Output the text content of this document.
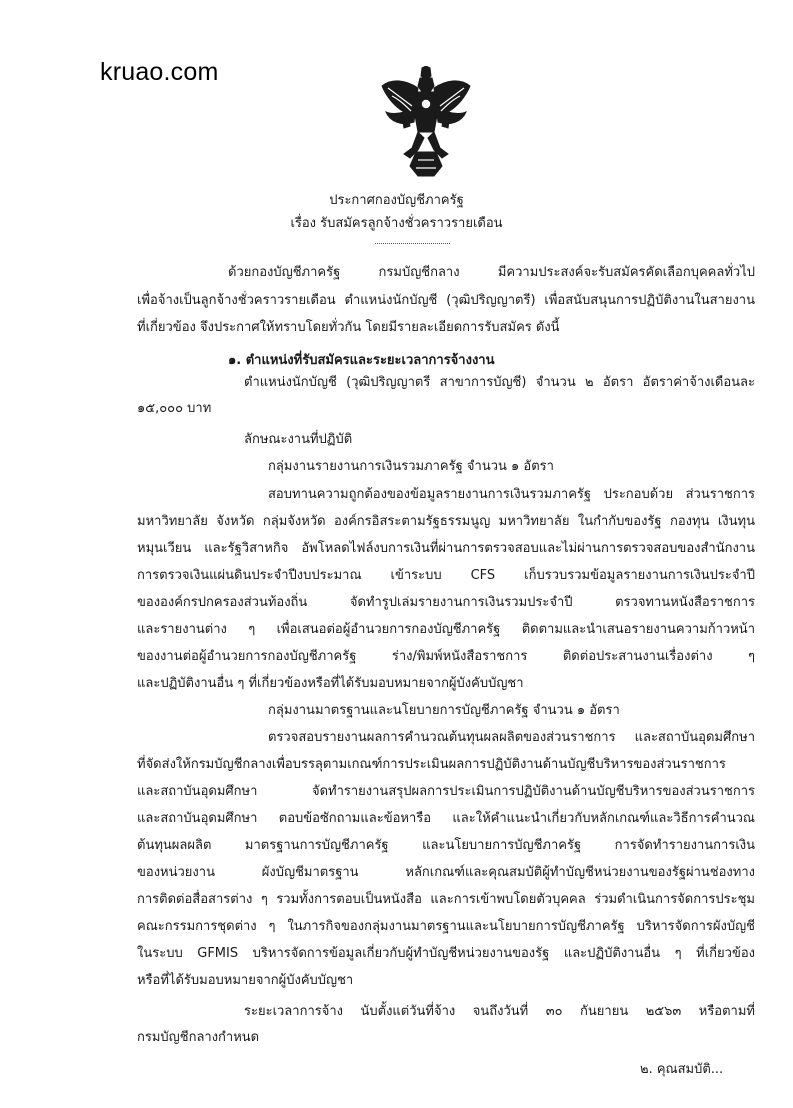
kruao.com
ประกาศกองบัญชีภาครัฐ
เรื่อง รับสมัครลูกจ้างชั่วคราวรายเดือน
ด้วยกองบัญชีภาครัฐ กรมบัญชีกลาง มีความประสงค์จะรับสมัครคัดเลือกบุคคลทั่วไป
เพื่อจ้างเป็นลูกจ้างชั่วคราวรายเดือน ตำแหน่งนักบัญชี (วุฒิปริญญาตรี) เพื่อสนับสนุนการปฏิบัติงานในสายงาน
ที่เกี่ยวข้อง จึงประกาศให้ทราบโดยทั่วกัน โดยมีรายละเอียดการรับสมัคร ดังนี้
๑. ตำแหน่งที่รับสมัครและระยะเวลาการจ้างงาน
ตำแหน่งนักบัญชี (วุฒิปริญญาตรี สาขาการบัญชี) จำนวน ๒ อัตรา อัตราค่าจ้างเดือนละ
๑๕,๐๐๐ บาท
ลักษณะงานที่ปฏิบัติ
กลุ่มงานรายงานการเงินรวมภาครัฐ จำนวน ๑ อัตรา
สอบทานความถูกต้องของข้อมูลรายงานการเงินรวมภาครัฐ ประกอบด้วย ส่วนราชการ
มหาวิทยาลัย จังหวัด กลุ่มจังหวัด องค์กรอิสระตามรัฐธรรมนูญ มหาวิทยาลัย ในกำกับของรัฐ กองทุน เงินทุน
หมุนเวียน และรัฐวิสาหกิจ อัพโหลดไฟล์งบการเงินที่ผ่านการตรวจสอบและไม่ผ่านการตรวจสอบของสำนักงาน
การตรวจเงินแผ่นดินประจำปีงบประมาณ เข้าระบบ CFS เก็บรวบรวมข้อมูลรายงานการเงินประจำปี
ขององค์กรปกครองส่วนท้องถิ่น จัดทำรูปเล่มรายงานการเงินรวมประจำปี ตรวจทานหนังสือราชการ
และรายงานต่าง ๆ เพื่อเสนอต่อผู้อำนวยการกองบัญชีภาครัฐ ติดตามและนำเสนอรายงานความก้าวหน้า
ของงานต่อผู้อำนวยการกองบัญชีภาครัฐ ร่าง/พิมพ์หนังสือราชการ ติดต่อประสานงานเรื่องต่าง ๆ
และปฏิบัติงานอื่น ๆ ที่เกี่ยวข้องหรือที่ได้รับมอบหมายจากผู้บังคับบัญชา
กลุ่มงานมาตรฐานและนโยบายการบัญชีภาครัฐ จำนวน ๑ อัตรา
ตรวจสอบรายงานผลการคำนวณต้นทุนผลผลิตของส่วนราชการ และสถาบันอุดมศึกษา
ที่จัดส่งให้กรมบัญชีกลางเพื่อบรรลุตามเกณฑ์การประเมินผลการปฏิบัติงานด้านบัญชีบริหารของส่วนราชการ
และสถาบันอุดมศึกษา จัดทำรายงานสรุปผลการประเมินการปฏิบัติงานด้านบัญชีบริหารของส่วนราชการ
และสถาบันอุดมศึกษา ตอบข้อซักถามและข้อหารือ และให้คำแนะนำเกี่ยวกับหลักเกณฑ์และวิธีการคำนวณ
ต้นทุนผลผลิต มาตรฐานการบัญชีภาครัฐ และนโยบายการบัญชีภาครัฐ การจัดทำรายงานการเงิน
ของหน่วยงาน ผังบัญชีมาตรฐาน หลักเกณฑ์และคุณสมบัติผู้ทำบัญชีหน่วยงานของรัฐผ่านช่องทาง
การติดต่อสื่อสารต่าง ๆ รวมทั้งการตอบเป็นหนังสือ และการเข้าพบโดยตัวบุคคล ร่วมดำเนินการจัดการประชุม
คณะกรรมการชุดต่าง ๆ ในภารกิจของกลุ่มงานมาตรฐานและนโยบายการบัญชีภาครัฐ บริหารจัดการผังบัญชี
ในระบบ GFMIS บริหารจัดการข้อมูลเกี่ยวกับผู้ทำบัญชีหน่วยงานของรัฐ และปฏิบัติงานอื่น ๆ ที่เกี่ยวข้อง
หรือที่ได้รับมอบหมายจากผู้บังคับบัญชา
ระยะเวลาการจ้าง นับตั้งแต่วันที่จ้าง จนถึงวันที่ ๓๐ กันยายน ๒๕๖๓ หรือตามที่
กรมบัญชีกลางกำหนด
๒. คุณสมบัติ...
